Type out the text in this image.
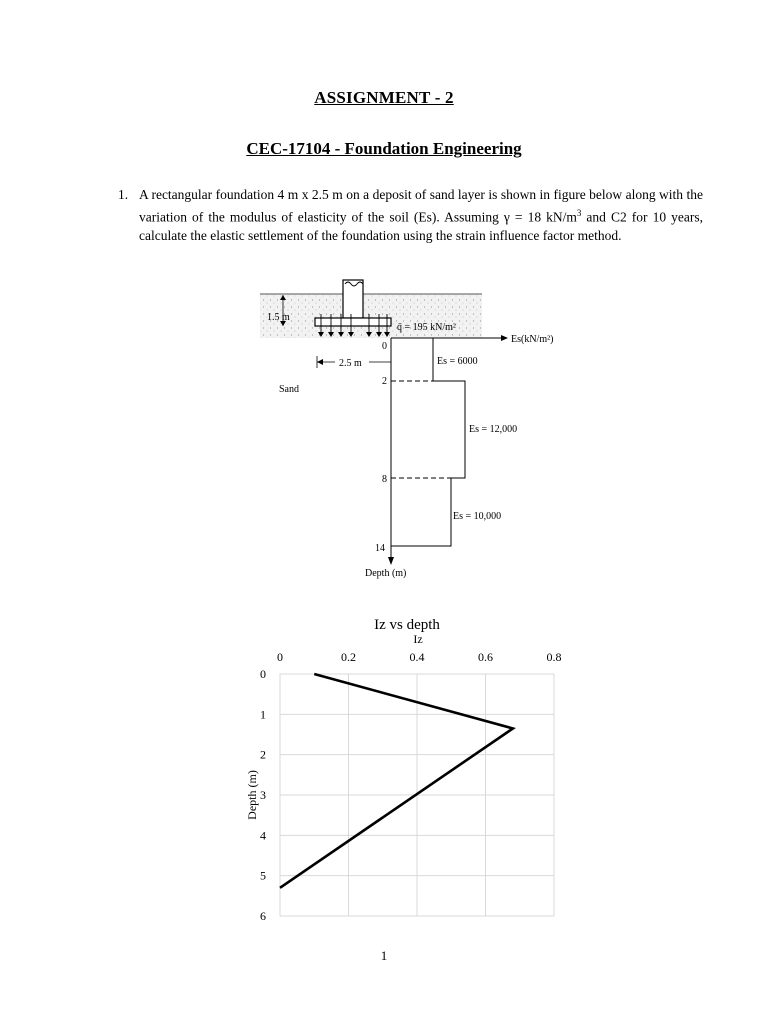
ASSIGNMENT - 2
CEC-17104 - Foundation Engineering
1. A rectangular foundation 4 m x 2.5 m on a deposit of sand layer is shown in figure below along with the variation of the modulus of elasticity of the soil (Es). Assuming γ = 18 $kN/m^3$ and C2 for 10 years, calculate the elastic settlement of the foundation using the strain influence factor method.
1.5 m
q̄ = 195 kN/m²
Es(kN/m²)
2.5 m
Sand
Depth (m)
0
2
8
14
Es = 6000
Es = 12,000
Es = 10,000
Iz vs depth
Iz
Depth (m)
0	0.2	0.4	0.6	0.8
0
1
2
3
4
5
6
1
